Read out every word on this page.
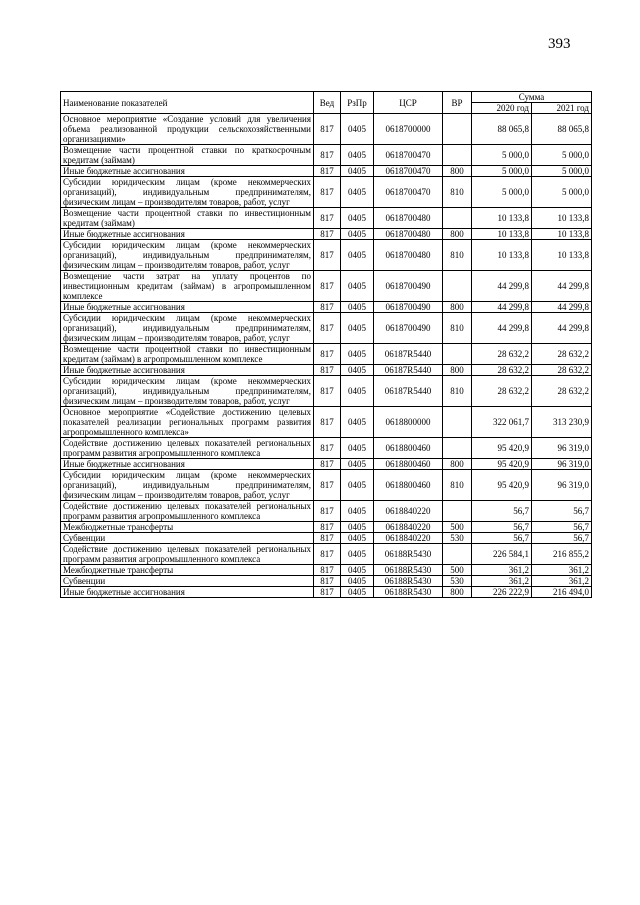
393
Наименование показателей	Вед	РзПр	ЦСР	ВР	Сумма	
					2020 год	2021 год
Основное мероприятие «Создание условий для увеличения объема реализованной продукции сельскохозяйственными организациями»	817	0405	0618700000		88 065,8	88 065,8
Возмещение части процентной ставки по краткосрочным кредитам (займам)	817	0405	0618700470		5 000,0	5 000,0
Иные бюджетные ассигнования	817	0405	0618700470	800	5 000,0	5 000,0
Субсидии юридическим лицам (кроме некоммерческих организаций), индивидуальным предпринимателям, физическим лицам – производителям товаров, работ, услуг	817	0405	0618700470	810	5 000,0	5 000,0
Возмещение части процентной ставки по инвестиционным кредитам (займам)	817	0405	0618700480		10 133,8	10 133,8
Иные бюджетные ассигнования	817	0405	0618700480	800	10 133,8	10 133,8
Субсидии юридическим лицам (кроме некоммерческих организаций), индивидуальным предпринимателям, физическим лицам – производителям товаров, работ, услуг	817	0405	0618700480	810	10 133,8	10 133,8
Возмещение части затрат на уплату процентов по инвестиционным кредитам (займам) в агропромышленном комплексе	817	0405	0618700490		44 299,8	44 299,8
Иные бюджетные ассигнования	817	0405	0618700490	800	44 299,8	44 299,8
Субсидии юридическим лицам (кроме некоммерческих организаций), индивидуальным предпринимателям, физическим лицам – производителям товаров, работ, услуг	817	0405	0618700490	810	44 299,8	44 299,8
Возмещение части процентной ставки по инвестиционным кредитам (займам) в агропромышленном комплексе	817	0405	06187R5440		28 632,2	28 632,2
Иные бюджетные ассигнования	817	0405	06187R5440	800	28 632,2	28 632,2
Субсидии юридическим лицам (кроме некоммерческих организаций), индивидуальным предпринимателям, физическим лицам – производителям товаров, работ, услуг	817	0405	06187R5440	810	28 632,2	28 632,2
Основное мероприятие «Содействие достижению целевых показателей реализации региональных программ развития агропромышленного комплекса»	817	0405	0618800000		322 061,7	313 230,9
Содействие достижению целевых показателей региональных программ развития агропромышленного комплекса	817	0405	0618800460		95 420,9	96 319,0
Иные бюджетные ассигнования	817	0405	0618800460	800	95 420,9	96 319,0
Субсидии юридическим лицам (кроме некоммерческих организаций), индивидуальным предпринимателям, физическим лицам – производителям товаров, работ, услуг	817	0405	0618800460	810	95 420,9	96 319,0
Содействие достижению целевых показателей региональных программ развития агропромышленного комплекса	817	0405	0618840220		56,7	56,7
Межбюджетные трансферты	817	0405	0618840220	500	56,7	56,7
Субвенции	817	0405	0618840220	530	56,7	56,7
Содействие достижению целевых показателей региональных программ развития агропромышленного комплекса	817	0405	06188R5430		226 584,1	216 855,2
Межбюджетные трансферты	817	0405	06188R5430	500	361,2	361,2
Субвенции	817	0405	06188R5430	530	361,2	361,2
Иные бюджетные ассигнования	817	0405	06188R5430	800	226 222,9	216 494,0
